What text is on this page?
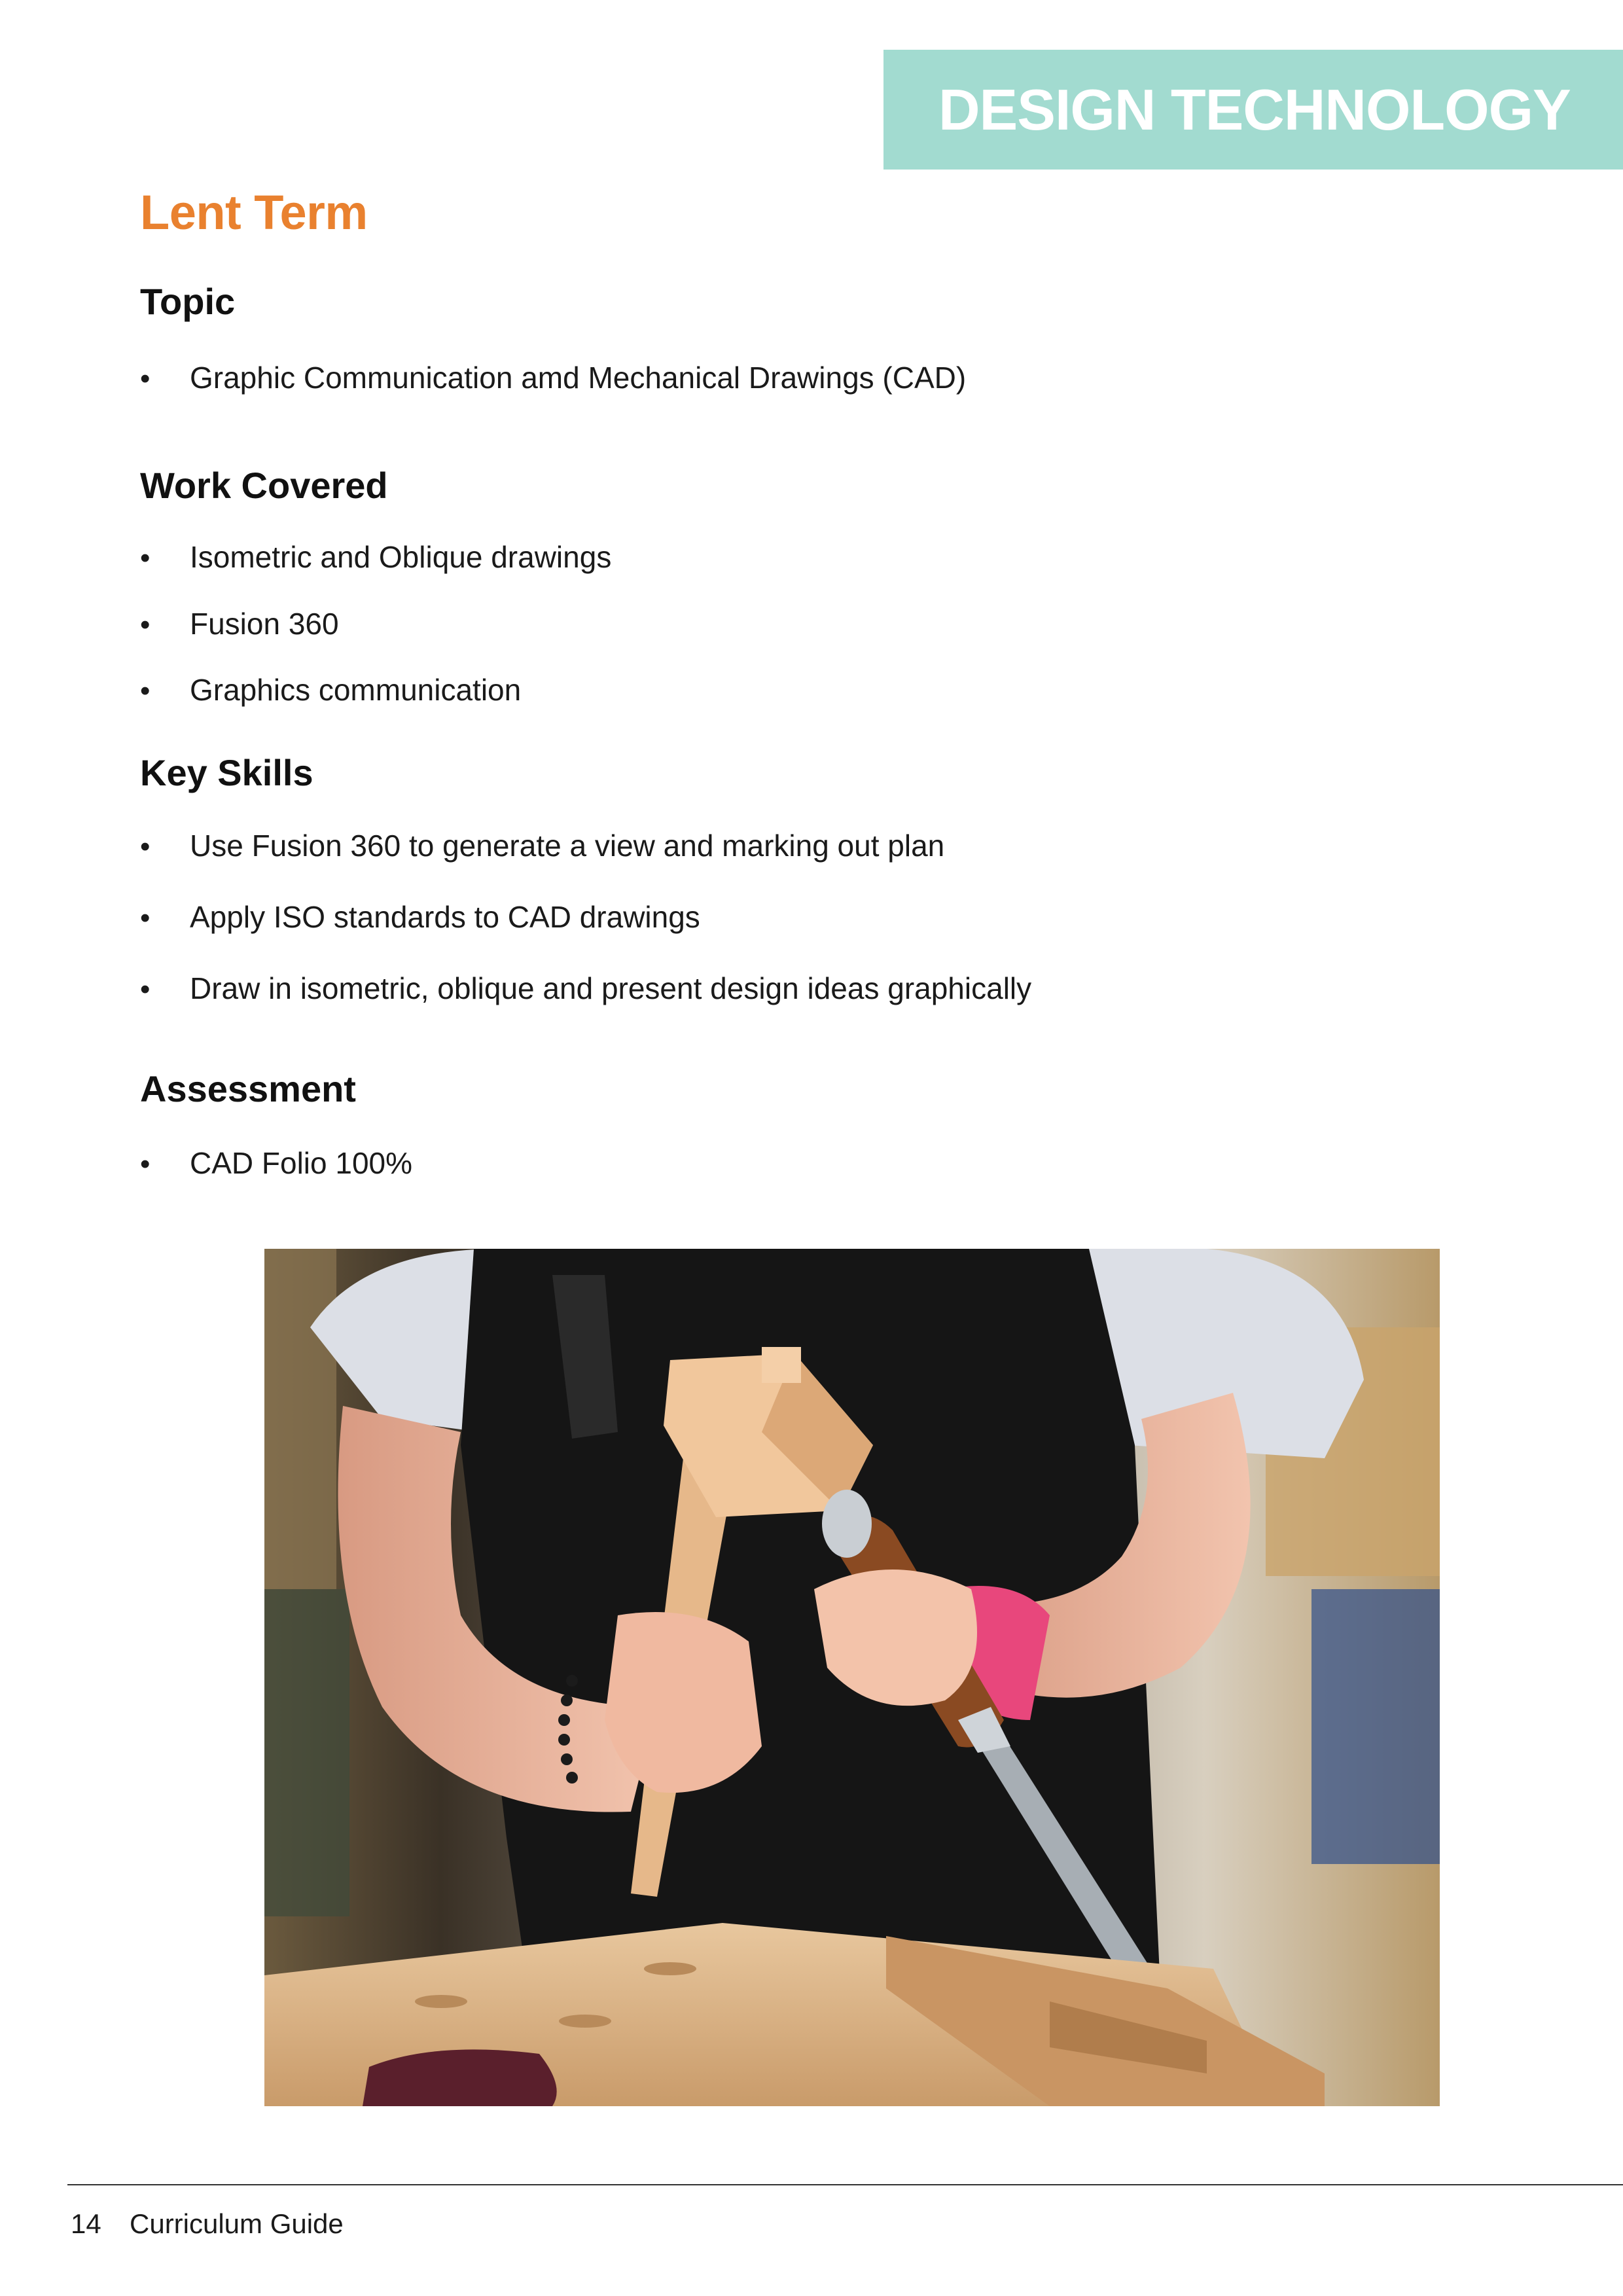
DESIGN TECHNOLOGY
Lent Term
Topic
•	Graphic Communication amd Mechanical Drawings (CAD)
Work Covered
•	Isometric and Oblique drawings
•	Fusion 360
•	Graphics communication
Key Skills
•	Use Fusion 360 to generate a view and marking out plan
•	Apply ISO standards to CAD drawings
•	Draw in isometric, oblique and present design ideas graphically
Assessment
•	CAD Folio 100%
14 Curriculum Guide
